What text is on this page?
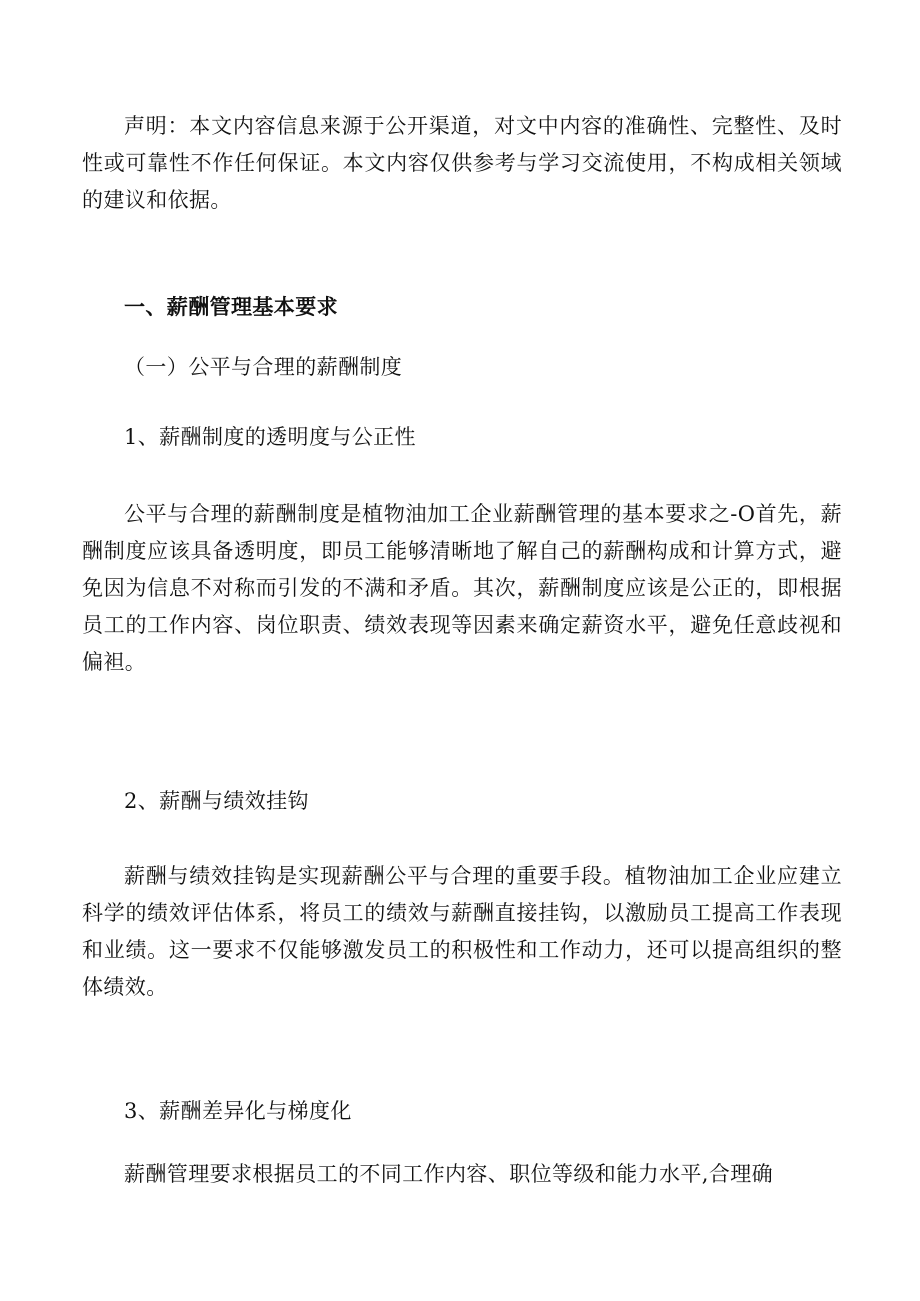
声明：本文内容信息来源于公开渠道，对文中内容的准确性、完整性、及时性或可靠性不作任何保证。本文内容仅供参考与学习交流使用，不构成相关领域的建议和依据。

一、薪酬管理基本要求
（一）公平与合理的薪酬制度
1、薪酬制度的透明度与公正性

公平与合理的薪酬制度是植物油加工企业薪酬管理的基本要求之-O首先，薪酬制度应该具备透明度，即员工能够清晰地了解自己的薪酬构成和计算方式，避免因为信息不对称而引发的不满和矛盾。其次，薪酬制度应该是公正的，即根据员工的工作内容、岗位职责、绩效表现等因素来确定薪资水平，避免任意歧视和偏袒。

2、薪酬与绩效挂钩

薪酬与绩效挂钩是实现薪酬公平与合理的重要手段。植物油加工企业应建立科学的绩效评估体系，将员工的绩效与薪酬直接挂钩，以激励员工提高工作表现和业绩。这一要求不仅能够激发员工的积极性和工作动力，还可以提高组织的整体绩效。

3、薪酬差异化与梯度化

薪酬管理要求根据员工的不同工作内容、职位等级和能力水平,合理确
